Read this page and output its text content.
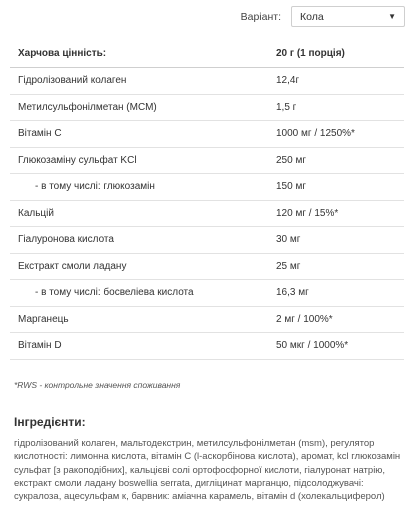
Варіант: Кола	▼
Харчова цінність:	20 г (1 порція)
Гідролізований колаген	12,4г
Метилсульфонілметан (МСМ)	1,5 г
Вітамін С	1000 мг / 1250%*
Глюкозаміну сульфат KCl	250 мг
- в тому числі: глюкозамін	150 мг
Кальцій	120 мг / 15%*
Гіалуронова кислота	30 мг
Екстракт смоли ладану	25 мг
- в тому числі: босвеліева кислота	16,3 мг
Марганець	2 мг / 100%*
Вітамін D	50 мкг / 1000%*
*RWS - контрольне значення споживання
Інгредієнти:
гідролізований колаген, мальтодекстрин, метилсульфонілметан (msm), регулятор кислотності: лимонна кислота, вітамін С (l-аскорбінова кислота), аромат, kcl глюкозамін сульфат [з ракоподібних], кальцієві солі ортофосфорної кислоти, гіалуронат натрію, екстракт смоли ладану boswellia serrata, дигліцинат марганцю, підсолоджувачі: сукралоза, ацесульфам к, барвник: аміачна карамель, вітамін d (холекальциферол)
